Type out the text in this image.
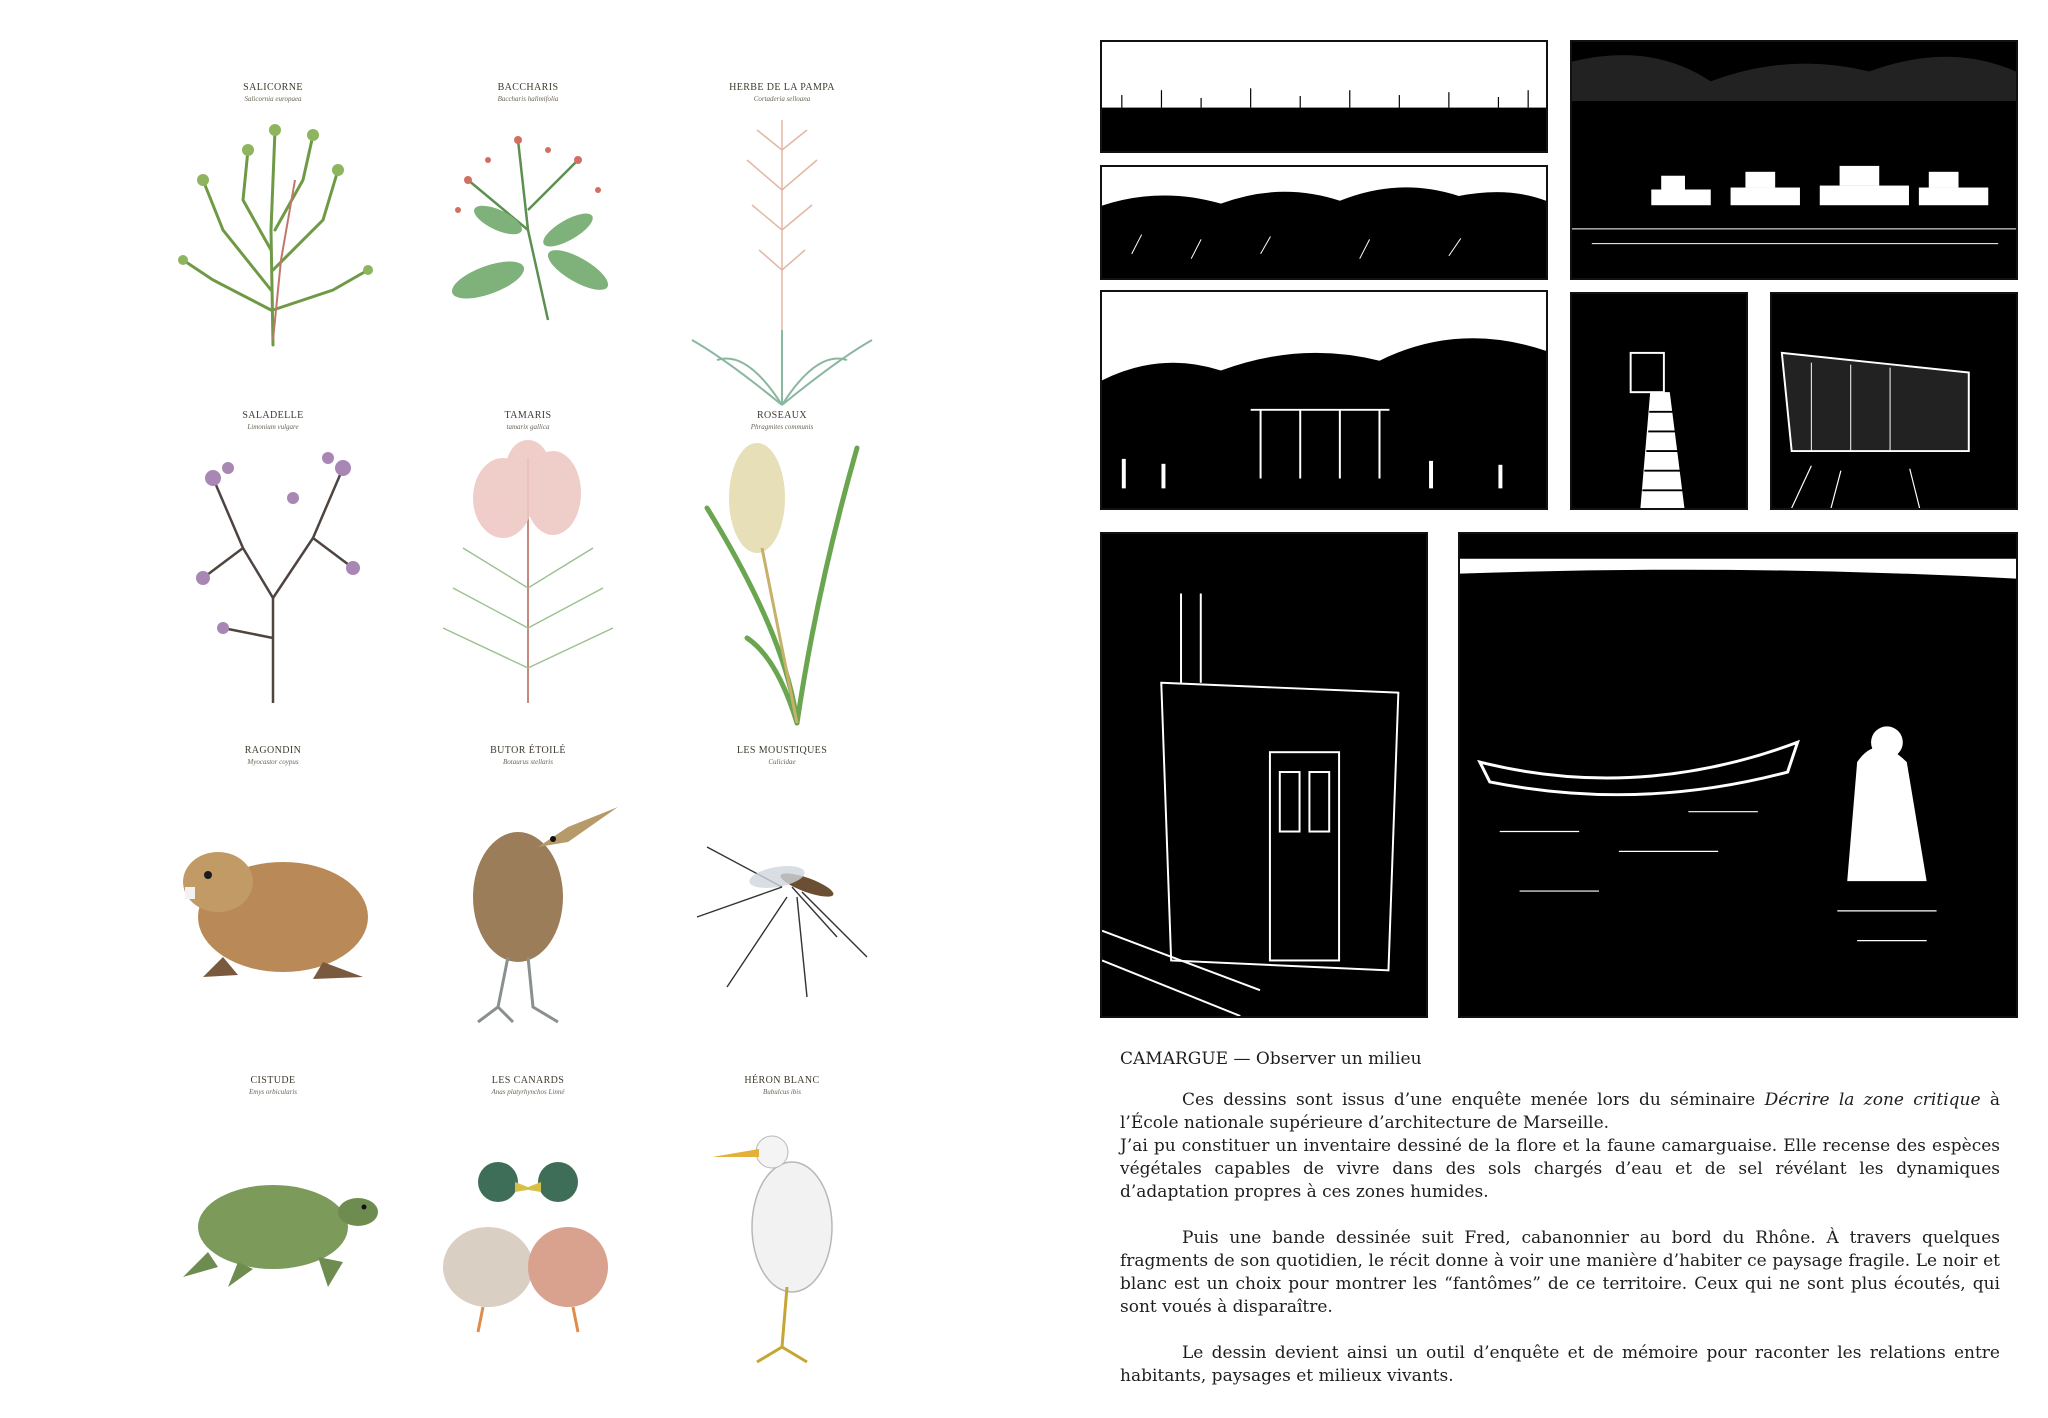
SALICORNE

Salicornia europaea

BACCHARIS

Baccharis halimifolia

HERBE DE LA PAMPA

Cortaderia selloana

SALADELLE

Limonium vulgare

TAMARIS

tamarix gallica

ROSEAUX

Phragmites communis

RAGONDIN

Myocastor coypus

BUTOR ÉTOILÉ

Botaurus stellaris

LES MOUSTIQUES

Culicidae

CISTUDE

Emys orbicularis

LES CANARDS

Anas platyrhynchos Linné

HÉRON BLANC

Bubulcus ibis

CAMARGUE — Observer un milieu

Ces dessins sont issus d’une enquête menée lors du séminaire Décrire la zone critique à l’École nationale supérieure d’architecture de Marseille.
J’ai pu constituer un inventaire dessiné de la flore et la faune camarguaise. Elle recense des espèces végétales capables de vivre dans des sols chargés d’eau et de sel révélant les dynamiques d’adaptation propres à ces zones humides.

Puis une bande dessinée suit Fred, cabanonnier au bord du Rhône. À travers quelques fragments de son quotidien, le récit donne à voir une manière d’habiter ce paysage fragile. Le noir et blanc est un choix pour montrer les “fantômes” de ce territoire. Ceux qui ne sont plus écoutés, qui sont voués à disparaître.

Le dessin devient ainsi un outil d’enquête et de mémoire pour raconter les relations entre habitants, paysages et milieux vivants.
